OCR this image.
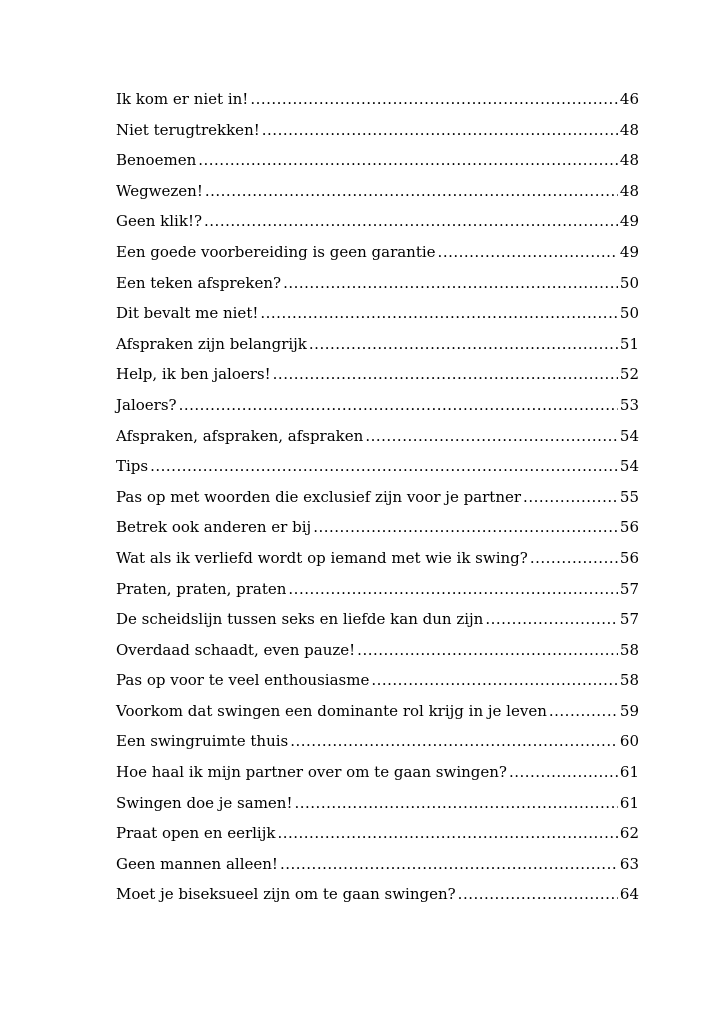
Ik kom er niet in! .....	46
Niet terugtrekken! .....	48
Benoemen .....	48
Wegwezen! .....	48
Geen klik!? .....	49
Een goede voorbereiding is geen garantie .....	49
Een teken afspreken? .....	50
Dit bevalt me niet! .....	50
Afspraken zijn belangrijk .....	51
Help, ik ben jaloers! .....	52
Jaloers? .....	53
Afspraken, afspraken, afspraken .....	54
Tips .....	54
Pas op met woorden die exclusief zijn voor je partner .....	55
Betrek ook anderen er bij .....	56
Wat als ik verliefd wordt op iemand met wie ik swing? .....	56
Praten, praten, praten .....	57
De scheidslijn tussen seks en liefde kan dun zijn .....	57
Overdaad schaadt, even pauze! .....	58
Pas op voor te veel enthousiasme .....	58
Voorkom dat swingen een dominante rol krijg in je leven .....	59
Een swingruimte thuis .....	60
Hoe haal ik mijn partner over om te gaan swingen? .....	61
Swingen doe je samen! .....	61
Praat open en eerlijk .....	62
Geen mannen alleen! .....	63
Moet je biseksueel zijn om te gaan swingen? .....	64
